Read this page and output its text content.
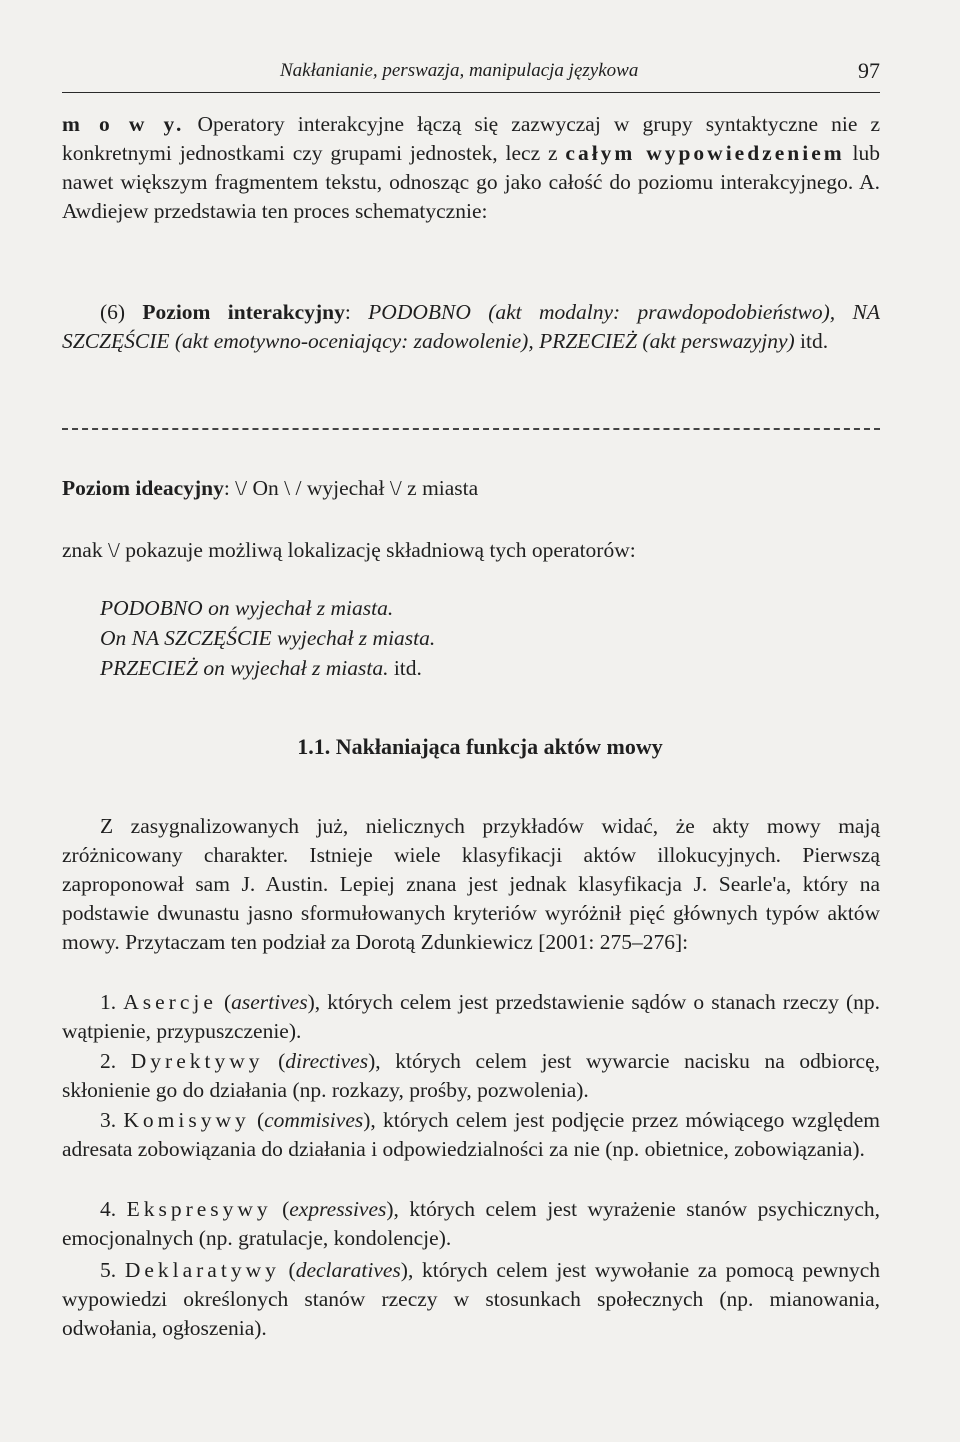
Nakłanianie, perswazja, manipulacja językowa	97
m o w y. Operatory interakcyjne łączą się zazwyczaj w grupy syntaktyczne nie z konkretnymi jednostkami czy grupami jednostek, lecz z całym wypowiedzeniem lub nawet większym fragmentem tekstu, odnosząc go jako całość do poziomu interakcyjnego. A. Awdiejew przedstawia ten proces schematycznie:
(6) Poziom interakcyjny: PODOBNO (akt modalny: prawdopodobieństwo), NA SZCZĘŚCIE (akt emotywno-oceniający: zadowolenie), PRZECIEŻ (akt perswazyjny) itd.
Poziom ideacyjny: \/ On \ / wyjechał \/ z miasta
znak \/ pokazuje możliwą lokalizację składniową tych operatorów:
PODOBNO on wyjechał z miasta.
On NA SZCZĘŚCIE wyjechał z miasta.
PRZECIEŻ on wyjechał z miasta. itd.
1.1. Nakłaniająca funkcja aktów mowy
Z zasygnalizowanych już, nielicznych przykładów widać, że akty mowy mają zróżnicowany charakter. Istnieje wiele klasyfikacji aktów illokucyjnych. Pierwszą zaproponował sam J. Austin. Lepiej znana jest jednak klasyfikacja J. Searle'a, który na podstawie dwunastu jasno sformułowanych kryteriów wyróżnił pięć głównych typów aktów mowy. Przytaczam ten podział za Dorotą Zdunkiewicz [2001: 275–276]:
1. Asercje (asertives), których celem jest przedstawienie sądów o stanach rzeczy (np. wątpienie, przypuszczenie).
2. Dyrektywy (directives), których celem jest wywarcie nacisku na odbiorcę, skłonienie go do działania (np. rozkazy, prośby, pozwolenia).
3. Komisywy (commisives), których celem jest podjęcie przez mówiącego względem adresata zobowiązania do działania i odpowiedzialności za nie (np. obietnice, zobowiązania).
4. Ekspresywy (expressives), których celem jest wyrażenie stanów psychicznych, emocjonalnych (np. gratulacje, kondolencje).
5. Deklaratywy (declaratives), których celem jest wywołanie za pomocą pewnych wypowiedzi określonych stanów rzeczy w stosunkach społecznych (np. mianowania, odwołania, ogłoszenia).
